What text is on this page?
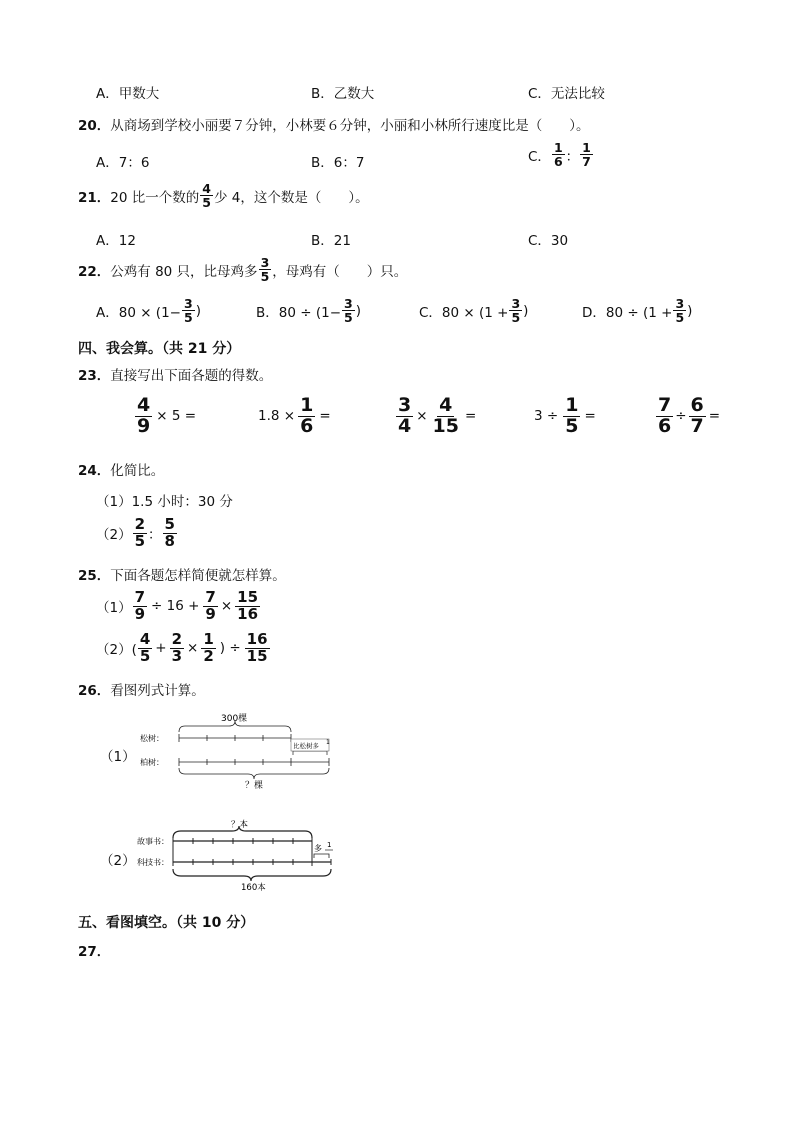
A．甲数大	B．乙数大	C．无法比较
20．从商场到学校小丽要７分钟，小林要６分钟，小丽和小林所行速度比是（　　）。
A．7：6	B．6：7	C． $\frac{1}{6}$ ： $\frac{1}{7}$
21． 20 比一个数的 $\frac{4}{5}$ 少 4，这个数是（　　）。
A．12	B．21	C．30
22． 公鸡有 80 只，比母鸡多 $\frac{3}{5}$ ，母鸡有（　　）只。
A．$80 \times (1- \frac{3}{5}$ )	B．$80 \div (1- \frac{3}{5}$ )	C．$80 \times (1 + \frac{3}{5}$ )	D．$80 \div (1 + \frac{3}{5}$ )
四、我会算。（共 21 分）
23．直接写出下面各题的得数。
$\frac{4}{9} \times 5$ =	$1.8 \times \frac{1}{6}$ =	$\frac{3}{4} \times \frac{4}{15}$ =	$3 \div \frac{1}{5}$ =	$\frac{7}{6} \div \frac{6}{7}$ =
24．化简比。
（1）1.5 小时：30 分
$(2) \frac{2}{5}$ ： $\frac{5}{8}$
25．下面各题怎样简便就怎样算。
$(1) \frac{7}{9} \div 16 + \frac{7}{9} \times \frac{15}{16}$
$(2)( \frac{4}{5} + \frac{2}{3} \times \frac{1}{2}$ ) ÷ $\frac{16}{15}$
26．看图列式计算。
（1）
300棵
松树：
柏树：
比松树多 1
？棵
（2）
？本
故事书：
科技书：
多 1
160本
五、看图填空。（共 10 分）
27．
